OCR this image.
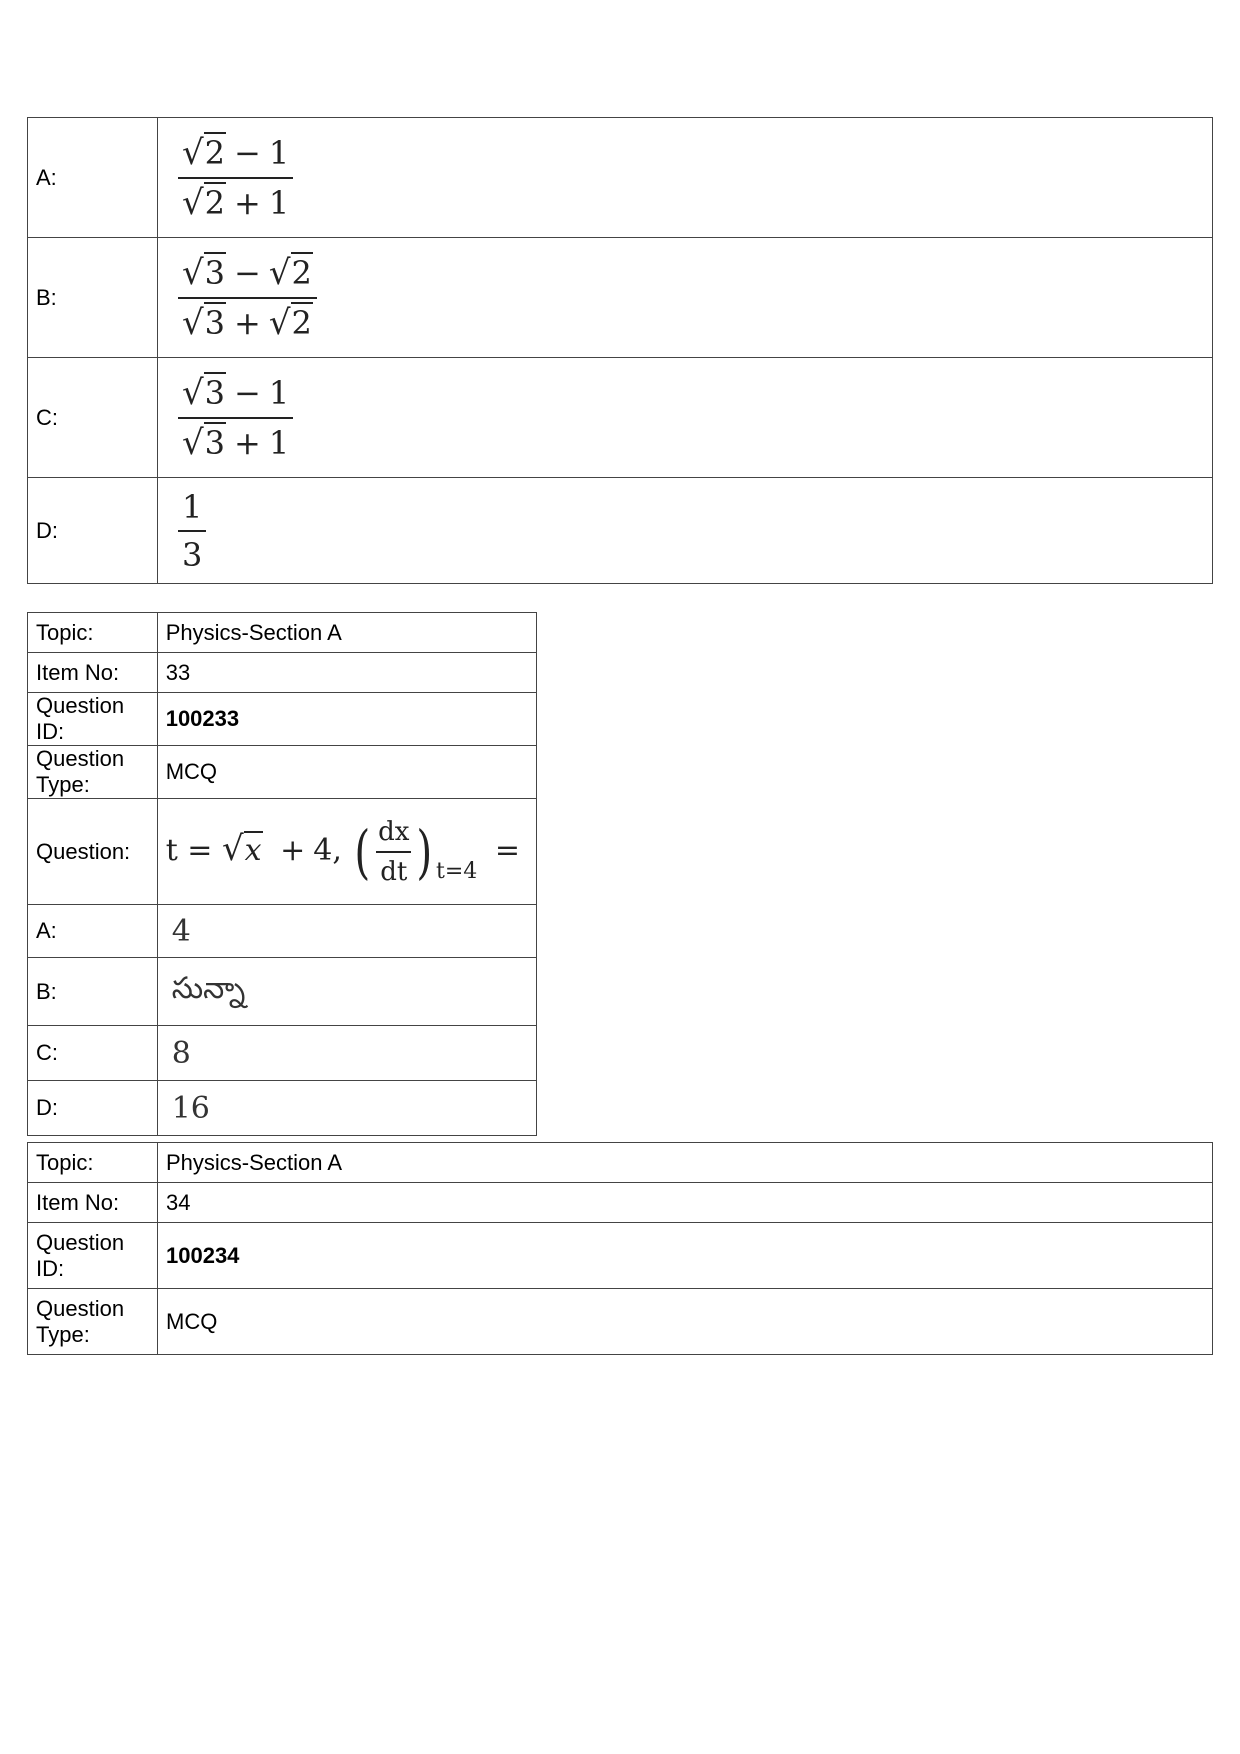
A:	$\frac{√2 - 1}{√2 + 1}$

B:	$\frac{√3 - √2}{√3 + √2}$

C:	$\frac{√3 - 1}{√3 + 1}$

D:	$\frac{1}{3}$
Topic:	Physics-Section A
Item No:	33
Question ID:	100233
Question Type:	MCQ
Question:	t = √x + 4, ( $\frac{dx}{dt}$ ) $_{t=4}$ =
A:	4
B:	సున్నా
C:	8
D:	16
Topic:	Physics-Section A
Item No:	34
Question ID:	100234
Question Type:	MCQ
